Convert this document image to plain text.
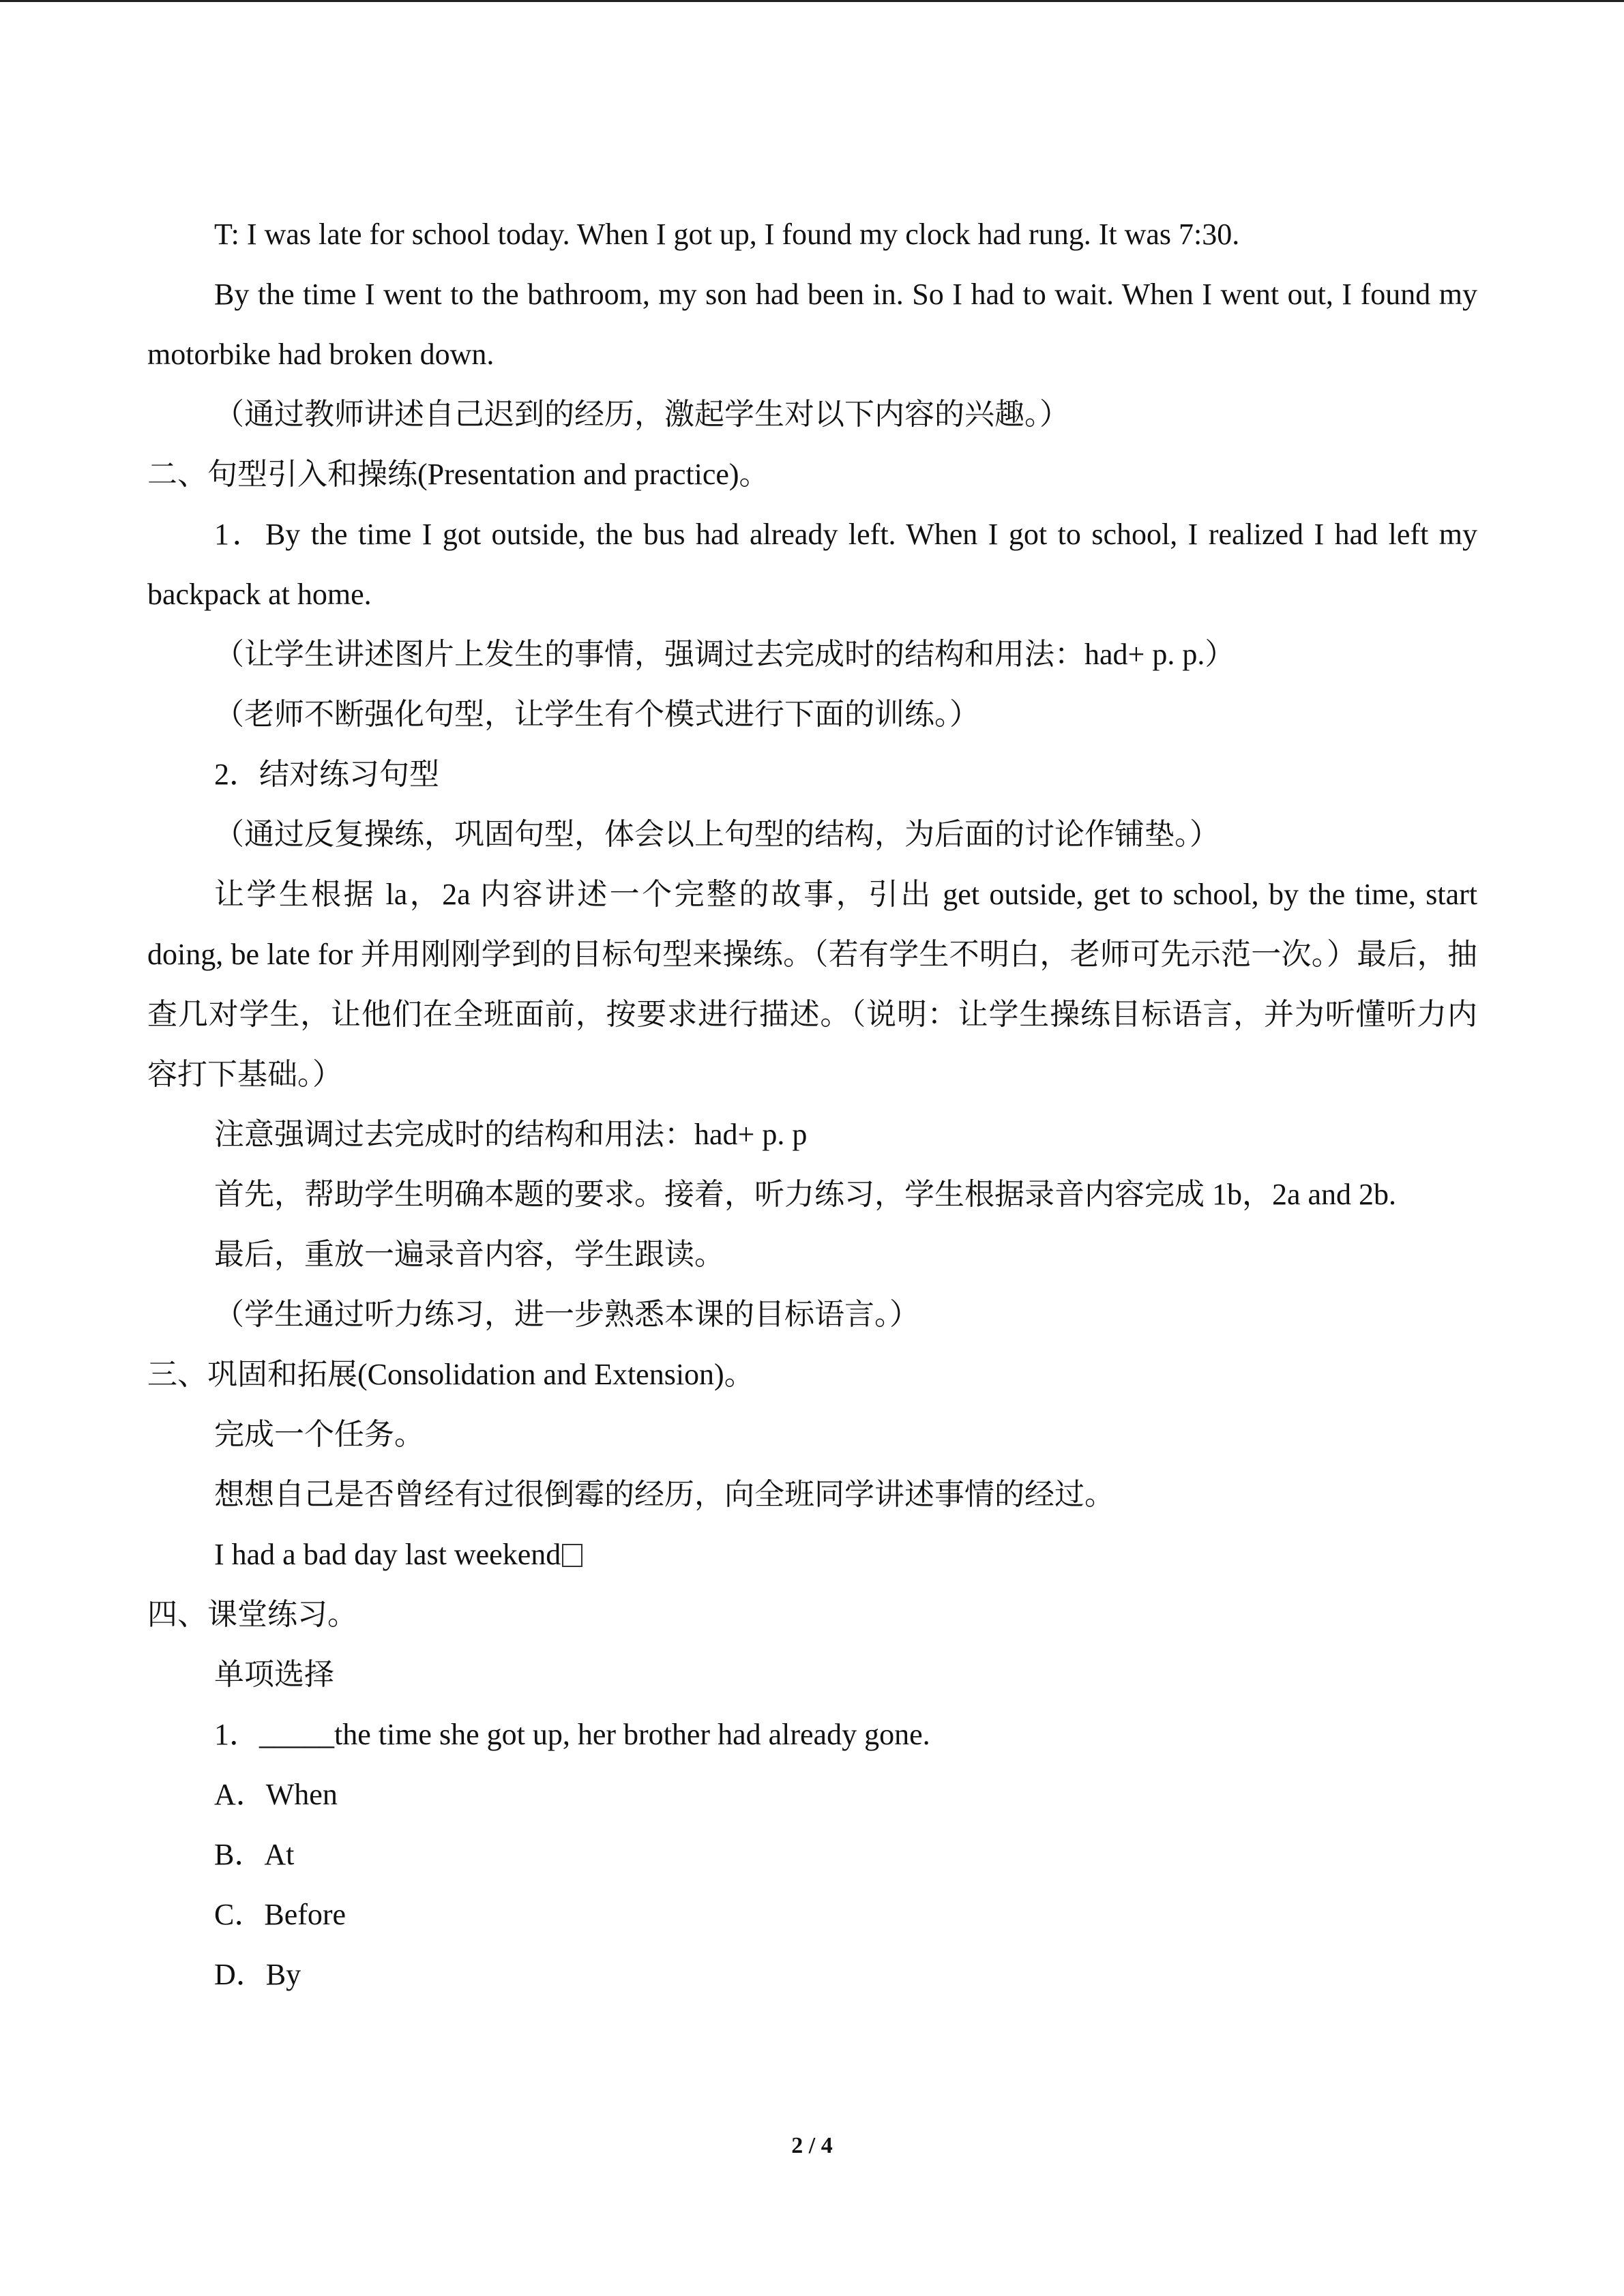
T: I was late for school today. When I got up, I found my clock had rung. It was 7:30.

By the time I went to the bathroom, my son had been in. So I had to wait. When I went out, I found my motorbike had broken down.

（通过教师讲述自己迟到的经历，激起学生对以下内容的兴趣。）

二、句型引入和操练(Presentation and practice)。

1．By the time I got outside, the bus had already left. When I got to school, I realized I had left my backpack at home.

（让学生讲述图片上发生的事情，强调过去完成时的结构和用法：had+ p. p.）

（老师不断强化句型，让学生有个模式进行下面的训练。）

2．结对练习句型

（通过反复操练，巩固句型，体会以上句型的结构，为后面的讨论作铺垫。）

让学生根据 la，2a 内容讲述一个完整的故事，引出 get outside, get to school, by the time, start doing, be late for 并用刚刚学到的目标句型来操练。（若有学生不明白，老师可先示范一次。）最后，抽查几对学生，让他们在全班面前，按要求进行描述。（说明：让学生操练目标语言，并为听懂听力内容打下基础。）

注意强调过去完成时的结构和用法：had+ p. p

首先，帮助学生明确本题的要求。接着，听力练习，学生根据录音内容完成 1b，2a and 2b.

最后，重放一遍录音内容，学生跟读。

（学生通过听力练习，进一步熟悉本课的目标语言。）

三、巩固和拓展(Consolidation and Extension)。

完成一个任务。

想想自己是否曾经有过很倒霉的经历，向全班同学讲述事情的经过。

I had a bad day last weekend

四、课堂练习。

单项选择

1．_____the time she got up, her brother had already gone.

A．When

B．At

C．Before

D．By

2 / 4
